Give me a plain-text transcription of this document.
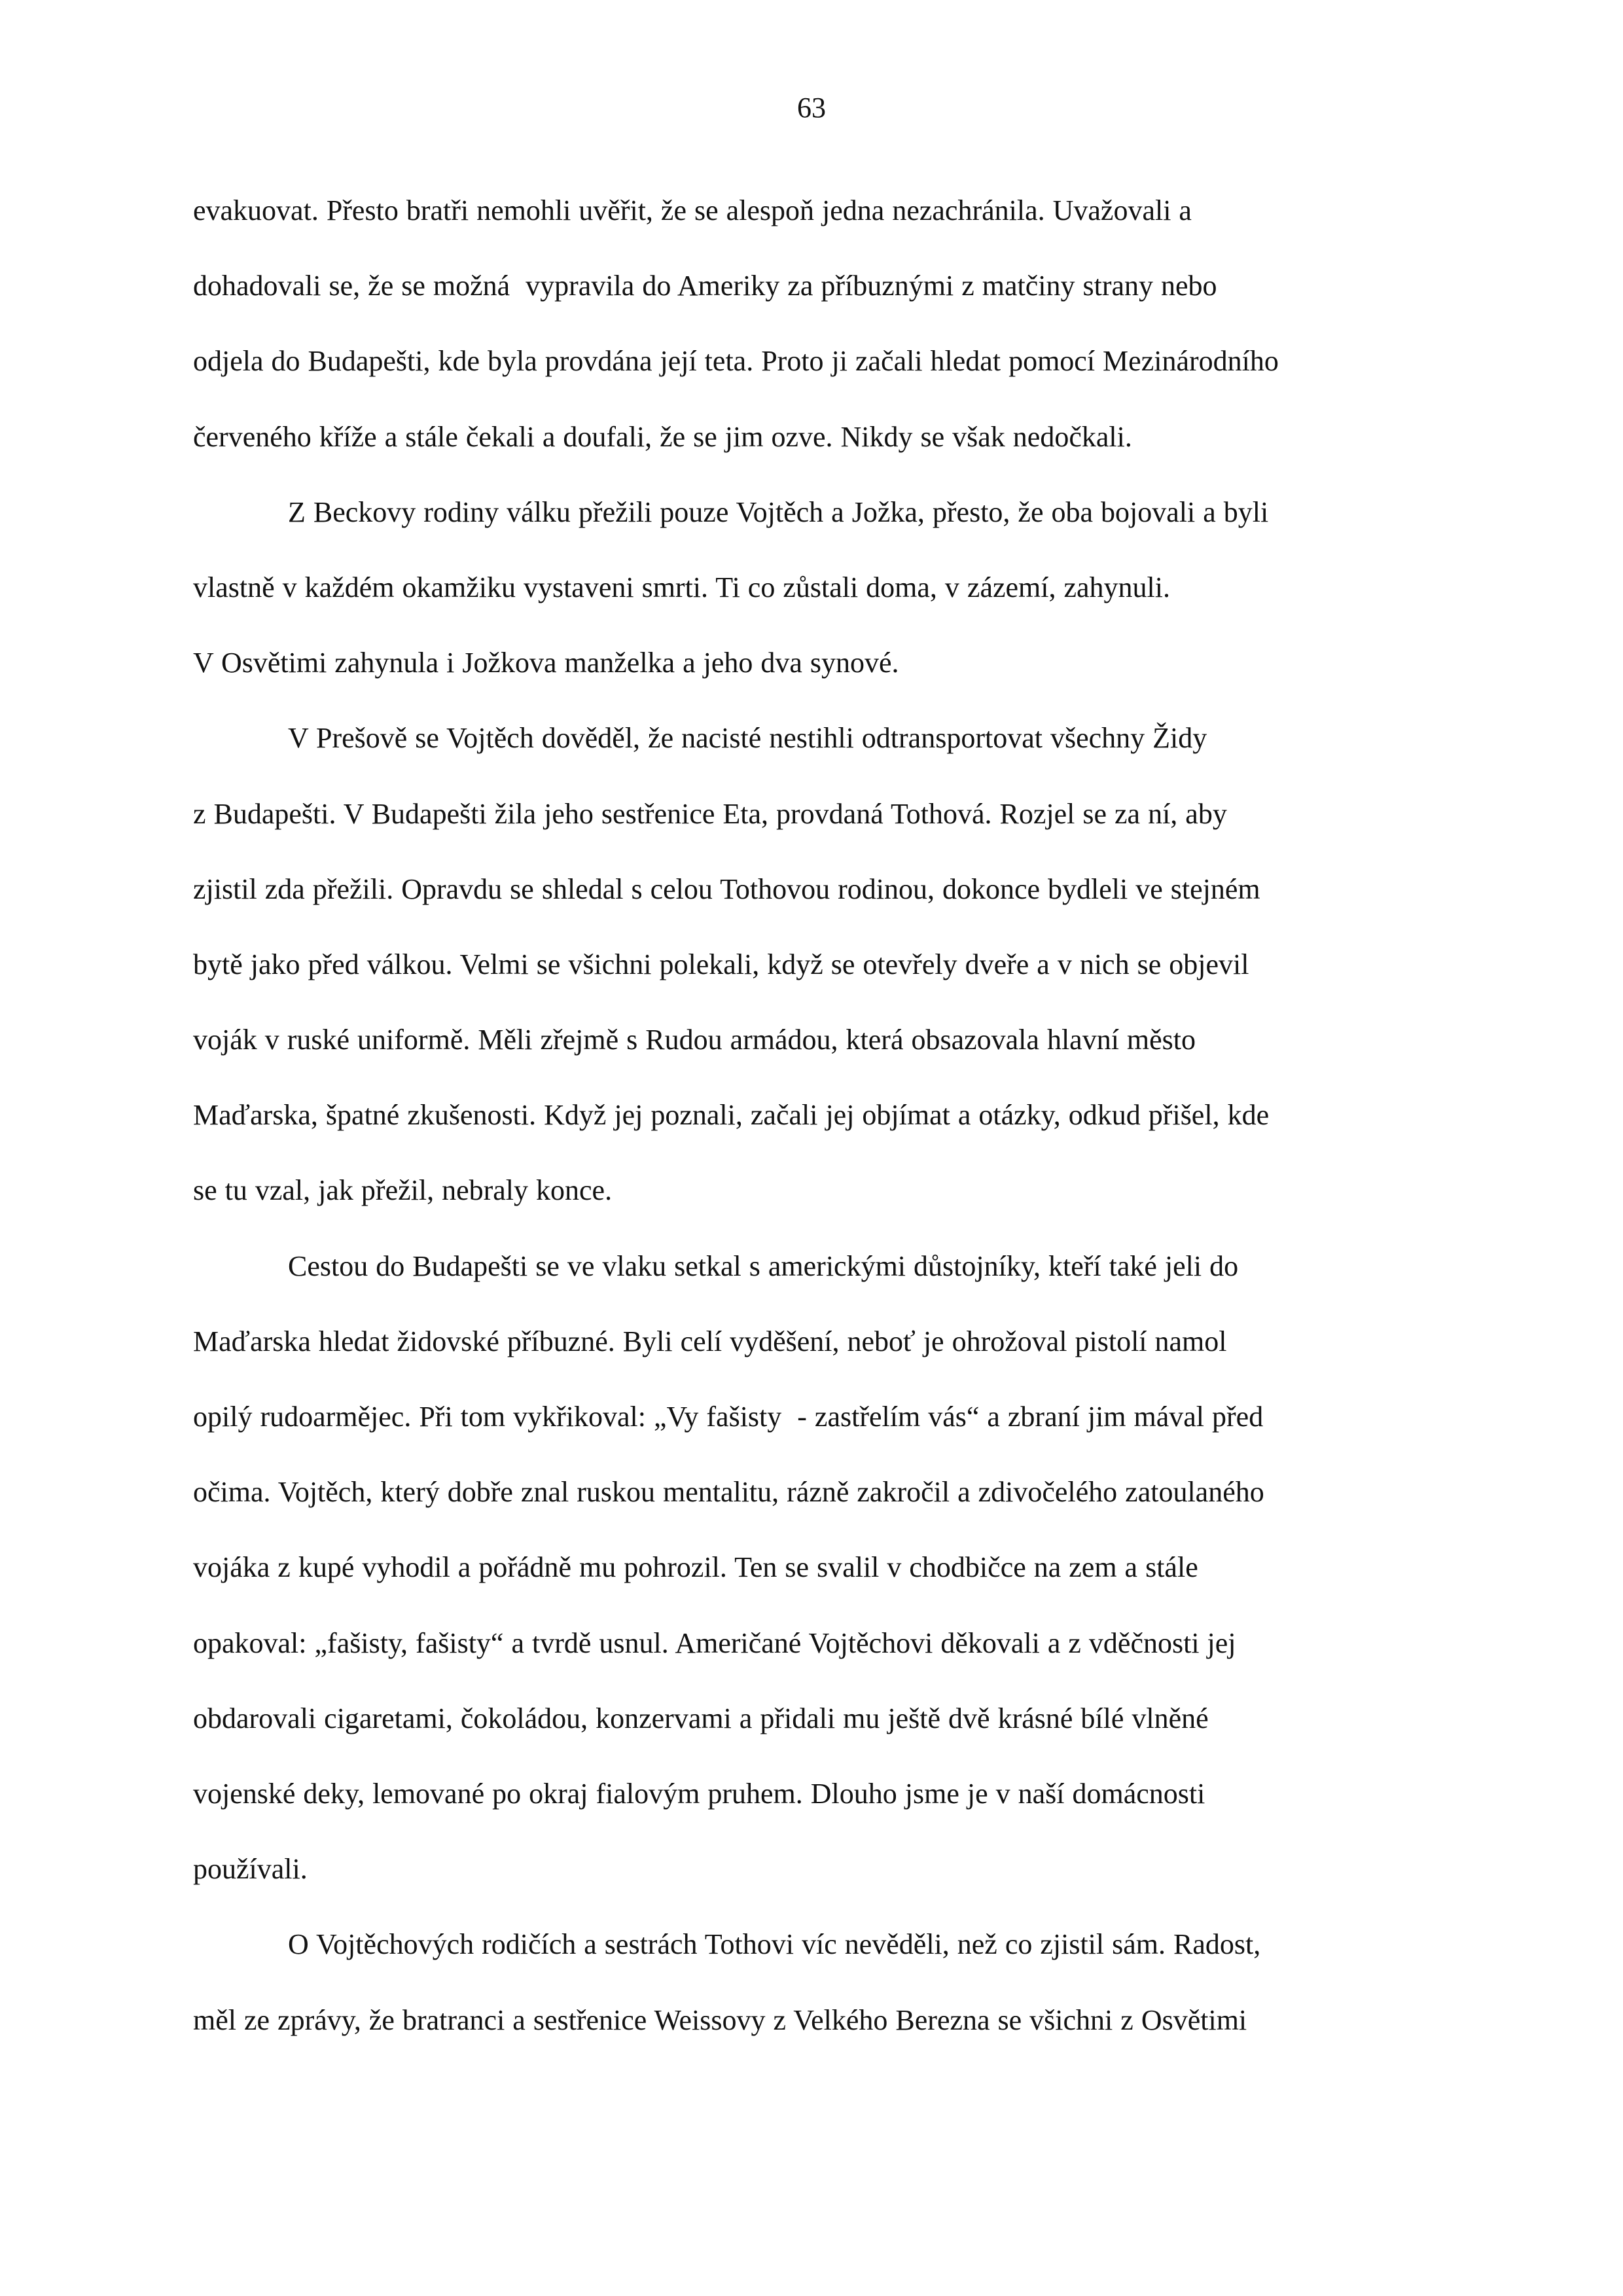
63
evakuovat. Přesto bratři nemohli uvěřit, že se alespoň jedna nezachránila. Uvažovali a
dohadovali se, že se možná  vypravila do Ameriky za příbuznými z matčiny strany nebo
odjela do Budapešti, kde byla provdána její teta. Proto ji začali hledat pomocí Mezinárodního
červeného kříže a stále čekali a doufali, že se jim ozve. Nikdy se však nedočkali.
Z Beckovy rodiny válku přežili pouze Vojtěch a Jožka, přesto, že oba bojovali a byli
vlastně v každém okamžiku vystaveni smrti. Ti co zůstali doma, v zázemí, zahynuli.
V Osvětimi zahynula i Jožkova manželka a jeho dva synové.
V Prešově se Vojtěch dověděl, že nacisté nestihli odtransportovat všechny Židy
z Budapešti. V Budapešti žila jeho sestřenice Eta, provdaná Tothová. Rozjel se za ní, aby
zjistil zda přežili. Opravdu se shledal s celou Tothovou rodinou, dokonce bydleli ve stejném
bytě jako před válkou. Velmi se všichni polekali, když se otevřely dveře a v nich se objevil
voják v ruské uniformě. Měli zřejmě s Rudou armádou, která obsazovala hlavní město
Maďarska, špatné zkušenosti. Když jej poznali, začali jej objímat a otázky, odkud přišel, kde
se tu vzal, jak přežil, nebraly konce.
Cestou do Budapešti se ve vlaku setkal s americkými důstojníky, kteří také jeli do
Maďarska hledat židovské příbuzné. Byli celí vyděšení, neboť je ohrožoval pistolí namol
opilý rudoarmějec. Při tom vykřikoval: „Vy fašisty  - zastřelím vás“ a zbraní jim mával před
očima. Vojtěch, který dobře znal ruskou mentalitu, rázně zakročil a zdivočelého zatoulaného
vojáka z kupé vyhodil a pořádně mu pohrozil. Ten se svalil v chodbičce na zem a stále
opakoval: „fašisty, fašisty“ a tvrdě usnul. Američané Vojtěchovi děkovali a z vděčnosti jej
obdarovali cigaretami, čokoládou, konzervami a přidali mu ještě dvě krásné bílé vlněné
vojenské deky, lemované po okraj fialovým pruhem. Dlouho jsme je v naší domácnosti
používali.
O Vojtěchových rodičích a sestrách Tothovi víc nevěděli, než co zjistil sám. Radost,
měl ze zprávy, že bratranci a sestřenice Weissovy z Velkého Berezna se všichni z Osvětimi
